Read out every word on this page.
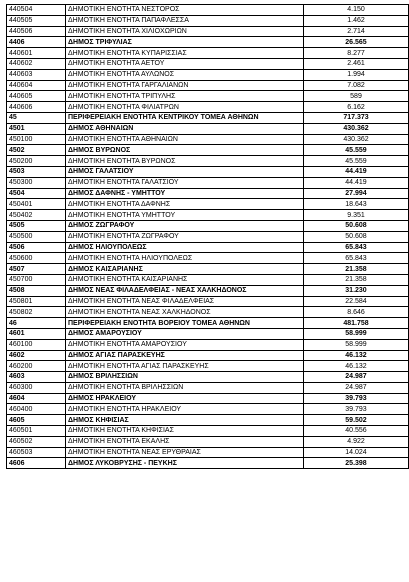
440504	ΔΗΜΟΤΙΚΗ ΕΝΟΤΗΤΑ ΝΕΣΤΟΡΟΣ	4.150
440505	ΔΗΜΟΤΙΚΗ ΕΝΟΤΗΤΑ ΠΑΠΑΦΛΕΣΣΑ	1.462
440506	ΔΗΜΟΤΙΚΗ ΕΝΟΤΗΤΑ ΧΙΛΙΟΧΩΡΙΩΝ	2.714
4406	ΔΗΜΟΣ ΤΡΙΦΥΛΙΑΣ	26.565
440601	ΔΗΜΟΤΙΚΗ ΕΝΟΤΗΤΑ ΚΥΠΑΡΙΣΣΙΑΣ	8.277
440602	ΔΗΜΟΤΙΚΗ ΕΝΟΤΗΤΑ ΑΕΤΟΥ	2.461
440603	ΔΗΜΟΤΙΚΗ ΕΝΟΤΗΤΑ ΑΥΛΩΝΟΣ	1.994
440604	ΔΗΜΟΤΙΚΗ ΕΝΟΤΗΤΑ ΓΑΡΓΑΛΙΑΝΩΝ	7.082
440605	ΔΗΜΟΤΙΚΗ ΕΝΟΤΗΤΑ ΤΡΙΠΥΛΗΣ	589
440606	ΔΗΜΟΤΙΚΗ ΕΝΟΤΗΤΑ ΦΙΛΙΑΤΡΩΝ	6.162
45	ΠΕΡΙΦΕΡΕΙΑΚΗ ΕΝΟΤΗΤΑ ΚΕΝΤΡΙΚΟΥ ΤΟΜΕΑ ΑΘΗΝΩΝ	717.373
4501	ΔΗΜΟΣ ΑΘΗΝΑΙΩΝ	430.362
450100	ΔΗΜΟΤΙΚΗ ΕΝΟΤΗΤΑ ΑΘΗΝΑΙΩΝ	430.362
4502	ΔΗΜΟΣ ΒΥΡΩΝΟΣ	45.559
450200	ΔΗΜΟΤΙΚΗ ΕΝΟΤΗΤΑ ΒΥΡΩΝΟΣ	45.559
4503	ΔΗΜΟΣ ΓΑΛΑΤΣΙΟΥ	44.419
450300	ΔΗΜΟΤΙΚΗ ΕΝΟΤΗΤΑ ΓΑΛΑΤΣΙΟΥ	44.419
4504	ΔΗΜΟΣ ΔΑΦΝΗΣ - ΥΜΗΤΤΟΥ	27.994
450401	ΔΗΜΟΤΙΚΗ ΕΝΟΤΗΤΑ ΔΑΦΝΗΣ	18.643
450402	ΔΗΜΟΤΙΚΗ ΕΝΟΤΗΤΑ ΥΜΗΤΤΟΥ	9.351
4505	ΔΗΜΟΣ ΖΩΓΡΑΦΟΥ	50.608
450500	ΔΗΜΟΤΙΚΗ ΕΝΟΤΗΤΑ ΖΩΓΡΑΦΟΥ	50.608
4506	ΔΗΜΟΣ ΗΛΙΟΥΠΟΛΕΩΣ	65.843
450600	ΔΗΜΟΤΙΚΗ ΕΝΟΤΗΤΑ ΗΛΙΟΥΠΟΛΕΩΣ	65.843
4507	ΔΗΜΟΣ ΚΑΙΣΑΡΙΑΝΗΣ	21.358
450700	ΔΗΜΟΤΙΚΗ ΕΝΟΤΗΤΑ ΚΑΙΣΑΡΙΑΝΗΣ	21.358
4508	ΔΗΜΟΣ ΝΕΑΣ ΦΙΛΑΔΕΛΦΕΙΑΣ - ΝΕΑΣ ΧΑΛΚΗΔΟΝΟΣ	31.230
450801	ΔΗΜΟΤΙΚΗ ΕΝΟΤΗΤΑ ΝΕΑΣ ΦΙΛΑΔΕΛΦΕΙΑΣ	22.584
450802	ΔΗΜΟΤΙΚΗ ΕΝΟΤΗΤΑ ΝΕΑΣ ΧΑΛΚΗΔΟΝΟΣ	8.646
46	ΠΕΡΙΦΕΡΕΙΑΚΗ ΕΝΟΤΗΤΑ ΒΟΡΕΙΟΥ ΤΟΜΕΑ ΑΘΗΝΩΝ	481.758
4601	ΔΗΜΟΣ ΑΜΑΡΟΥΣΙΟΥ	58.999
460100	ΔΗΜΟΤΙΚΗ ΕΝΟΤΗΤΑ ΑΜΑΡΟΥΣΙΟΥ	58.999
4602	ΔΗΜΟΣ ΑΓΙΑΣ ΠΑΡΑΣΚΕΥΗΣ	46.132
460200	ΔΗΜΟΤΙΚΗ ΕΝΟΤΗΤΑ ΑΓΙΑΣ ΠΑΡΑΣΚΕΥΗΣ	46.132
4603	ΔΗΜΟΣ ΒΡΙΛΗΣΣΙΩΝ	24.987
460300	ΔΗΜΟΤΙΚΗ ΕΝΟΤΗΤΑ ΒΡΙΛΗΣΣΙΩΝ	24.987
4604	ΔΗΜΟΣ ΗΡΑΚΛΕΙΟΥ	39.793
460400	ΔΗΜΟΤΙΚΗ ΕΝΟΤΗΤΑ ΗΡΑΚΛΕΙΟΥ	39.793
4605	ΔΗΜΟΣ ΚΗΦΙΣΙΑΣ	59.502
460501	ΔΗΜΟΤΙΚΗ ΕΝΟΤΗΤΑ ΚΗΦΙΣΙΑΣ	40.556
460502	ΔΗΜΟΤΙΚΗ ΕΝΟΤΗΤΑ ΕΚΑΛΗΣ	4.922
460503	ΔΗΜΟΤΙΚΗ ΕΝΟΤΗΤΑ ΝΕΑΣ ΕΡΥΘΡΑΙΑΣ	14.024
4606	ΔΗΜΟΣ ΛΥΚΟΒΡΥΣΗΣ - ΠΕΥΚΗΣ	25.398
